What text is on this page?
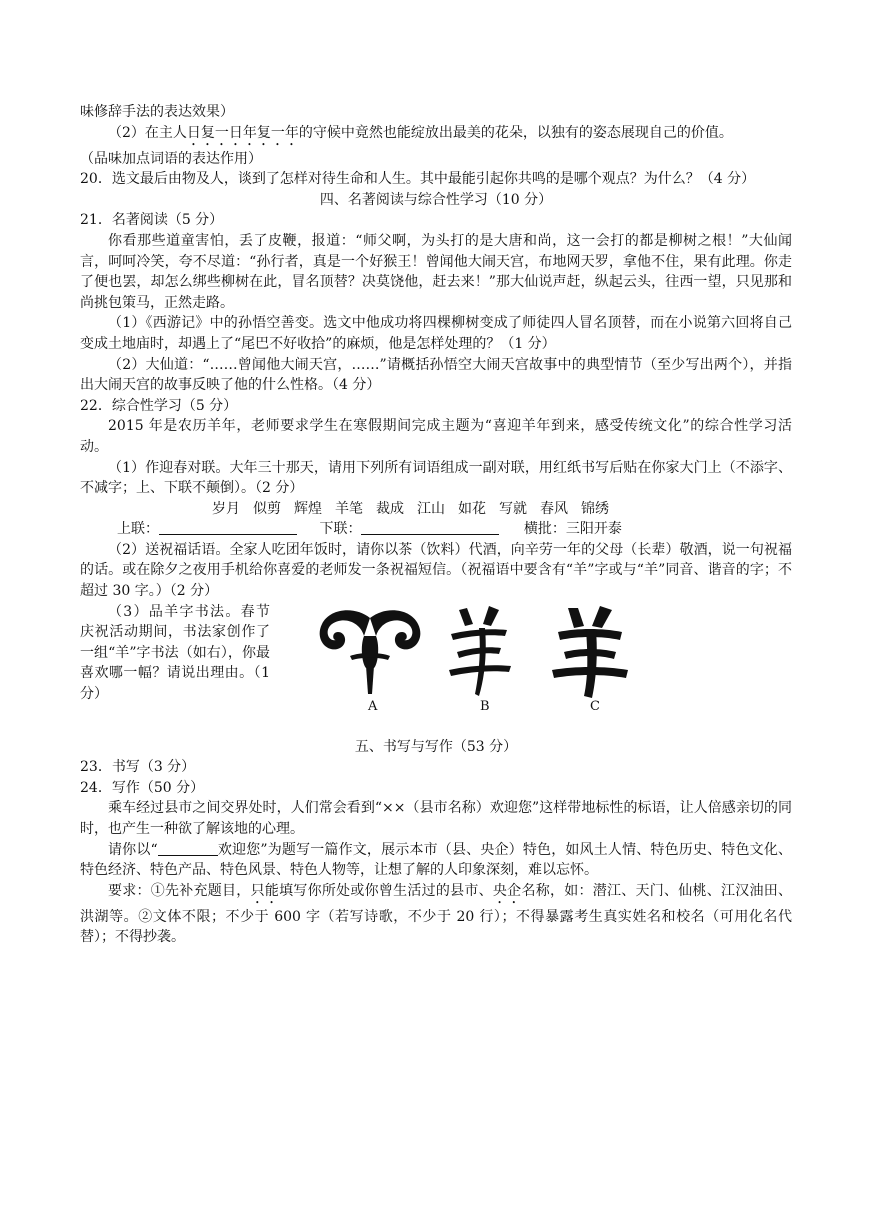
味修辞手法的表达效果）
（2）在主人日复一日年复一年的守候中竟然也能绽放出最美的花朵，以独有的姿态展现自己的价值。
（品味加点词语的表达作用）
20．选文最后由物及人，谈到了怎样对待生命和人生。其中最能引起你共鸣的是哪个观点？为什么？（4 分）
四、名著阅读与综合性学习（10 分）
21．名著阅读（5 分）
你看那些道童害怕，丢了皮鞭，报道：“师父啊，为头打的是大唐和尚，这一会打的都是柳树之根！”大仙闻言，呵呵冷笑，夸不尽道：“孙行者，真是一个好猴王！曾闻他大闹天宫，布地网天罗，拿他不住，果有此理。你走了便也罢，却怎么绑些柳树在此，冒名顶替？决莫饶他，赶去来！”那大仙说声赶，纵起云头，往西一望，只见那和尚挑包策马，正然走路。
（1）《西游记》中的孙悟空善变。选文中他成功将四棵柳树变成了师徒四人冒名顶替，而在小说第六回将自己变成土地庙时，却遇上了“尾巴不好收拾”的麻烦，他是怎样处理的？（1 分）
（2）大仙道：“……曾闻他大闹天宫，……”请概括孙悟空大闹天宫故事中的典型情节（至少写出两个），并指出大闹天宫的故事反映了他的什么性格。（4 分）
22．综合性学习（5 分）
2015 年是农历羊年，老师要求学生在寒假期间完成主题为“喜迎羊年到来，感受传统文化”的综合性学习活动。
（1）作迎春对联。大年三十那天，请用下列所有词语组成一副对联，用红纸书写后贴在你家大门上（不添字、不减字；上、下联不颠倒）。（2 分）
岁月 似剪 辉煌 羊笔 裁成 江山 如花 写就 春风 锦绣
上联：	下联：	横批：三阳开泰
（2）送祝福话语。全家人吃团年饭时，请你以茶（饮料）代酒，向辛劳一年的父母（长辈）敬酒，说一句祝福的话。或在除夕之夜用手机给你喜爱的老师发一条祝福短信。（祝福语中要含有“羊”字或与“羊”同音、谐音的字；不超过 30 字。）（2 分）
（3）品羊字书法。春节庆祝活动期间，书法家创作了一组“羊”字书法（如右），你最喜欢哪一幅？请说出理由。（1 分）
A	B	C
五、书写与写作（53 分）
23．书写（3 分）
24．写作（50 分）
乘车经过县市之间交界处时，人们常会看到“××（县市名称）欢迎您”这样带地标性的标语，让人倍感亲切的同时，也产生一种欲了解该地的心理。
请你以“	欢迎您”为题写一篇作文，展示本市（县、央企）特色，如风土人情、特色历史、特色文化、特色经济、特色产品、特色风景、特色人物等，让想了解的人印象深刻，难以忘怀。
要求：①先补充题目，只能填写你所处或你曾生活过的县市、央企名称，如：潜江、天门、仙桃、江汉油田、洪湖等。②文体不限；不少于 600 字（若写诗歌，不少于 20 行）；不得暴露考生真实姓名和校名（可用化名代替）；不得抄袭。
